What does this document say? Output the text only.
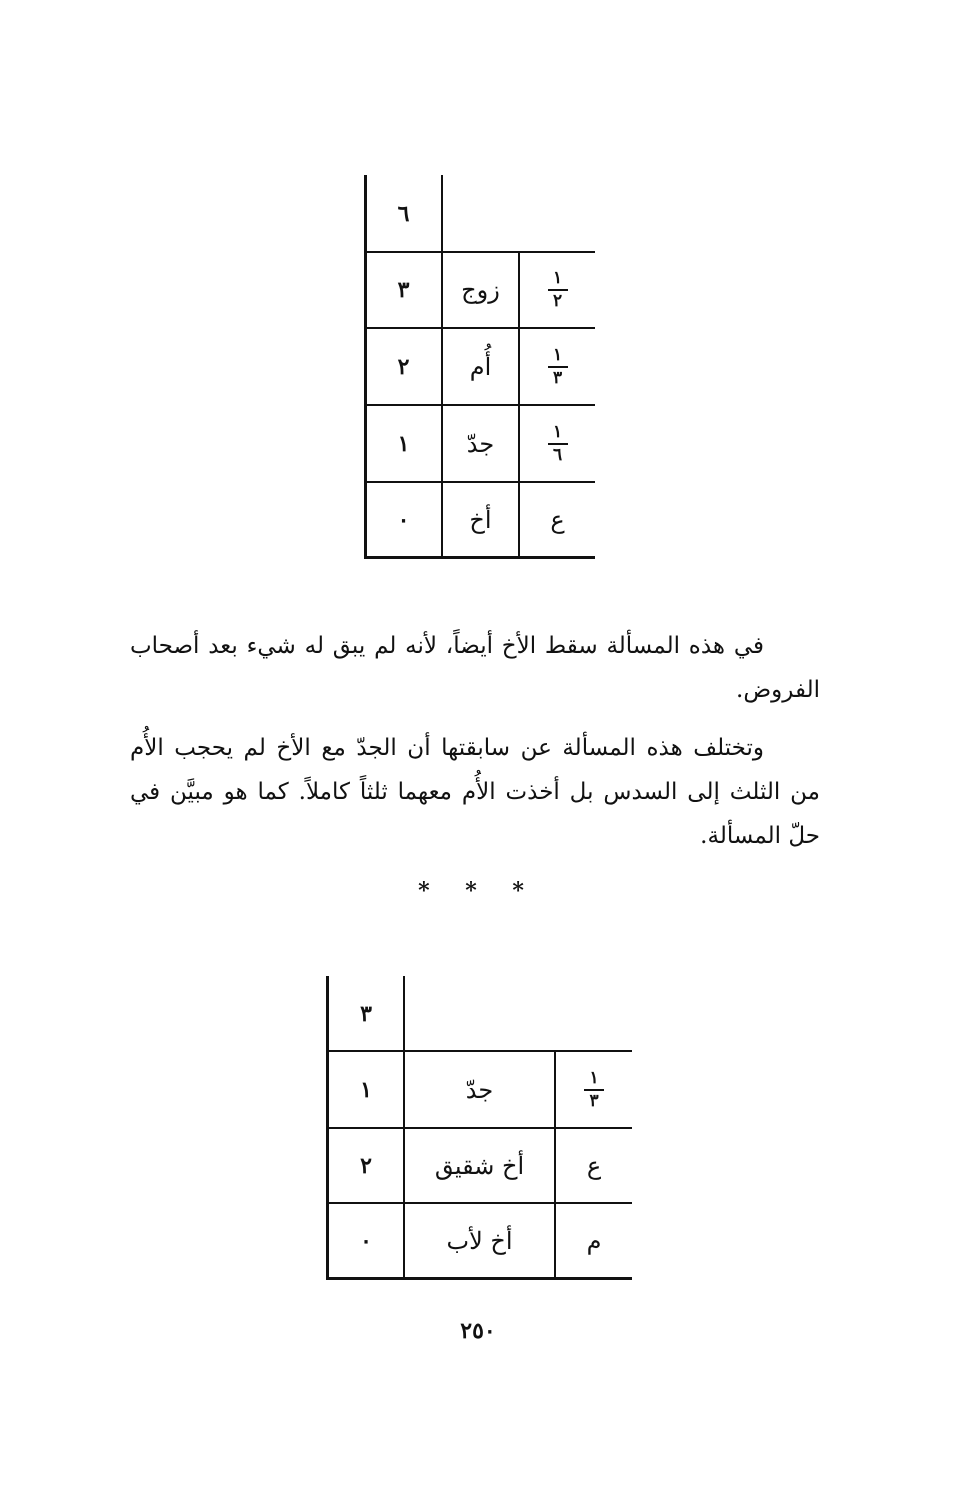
٦
$\frac{١}{٢}$
زوج
٣
$\frac{١}{٣}$
أُم
٢
$\frac{١}{٦}$
جدّ
١
ع
أخ
٠

في هذه المسألة سقط الأخ أيضاً، لأنه لم يبق له شيء بعد أصحاب الفروض.

وتختلف هذه المسألة عن سابقتها أن الجدّ مع الأخ لم يحجب الأُم من الثلث إلى السدس بل أخذت الأُم معهما ثلثاً كاملاً. كما هو مبيَّن في حلّ المسألة.

* * *
٣
$\frac{١}{٣}$
جدّ
١
ع
أخ شقيق
٢
م
أخ لأب
٠
٢٥٠
